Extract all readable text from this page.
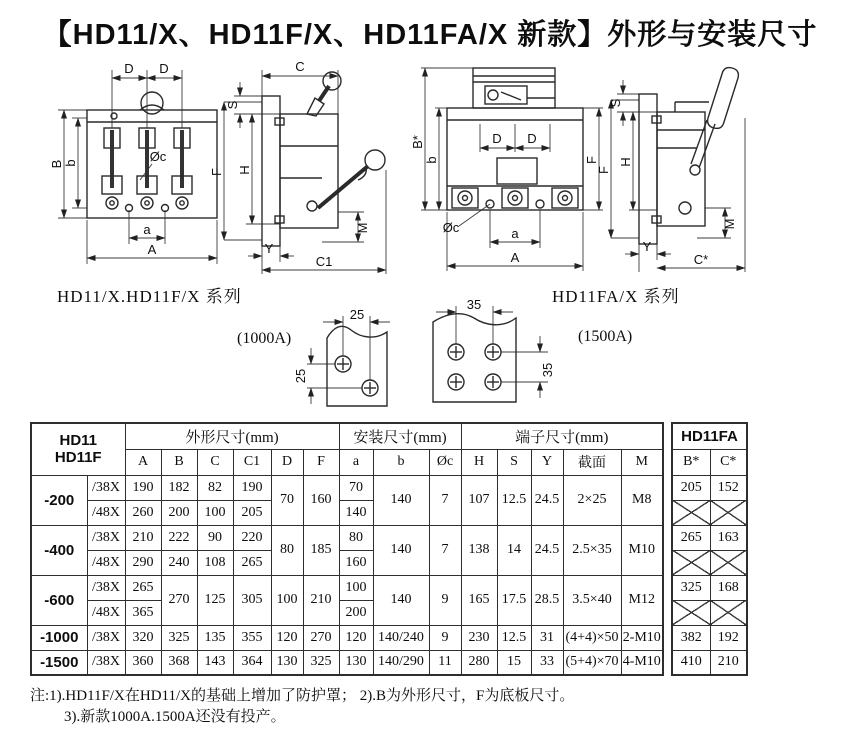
【HD11/X、HD11F/X、HD11FA/X 新款】外形与安装尺寸
D D
B b	Øc
a
A
C
S
H
F
Y
M
C1
B*
b
D D
F
Øc	a
A
S
H
F
Y
M
C*
HD11/X.HD11F/X 系列	HD11FA/X 系列
(1000A)
25
25
35
35
(1500A)
HD11
HD11F		外形尺寸(mm)						安装尺寸(mm)			端子尺寸(mm)						HD11FA	
		A	B	C	C1	D	F	a	b	Øc	H	S	Y	截面	M		B*	C*
-200	/38X	190	182	82	190	70	160	70	140	7	107	12.5	24.5	2×25	M8		205	152
	/48X	260	200	100	205			140										
-400	/38X	210	222	90	220	80	185	80	140	7	138	14	24.5	2.5×35	M10		265	163
	/48X	290	240	108	265			160										
-600	/38X	265	270	125	305	100	210	100	140	9	165	17.5	28.5	3.5×40	M12		325	168
	/48X	365						200										
-1000	/38X	320	325	135	355	120	270	120	140/240	9	230	12.5	31	(4+4)×50	2-M10		382	192
-1500	/38X	360	368	143	364	130	325	130	140/290	11	280	15	33	(5+4)×70	4-M10		410	210
注:1).HD11F/X在HD11/X的基础上增加了防护罩； 2).B为外形尺寸，F为底板尺寸。
3).新款1000A.1500A还没有投产。
